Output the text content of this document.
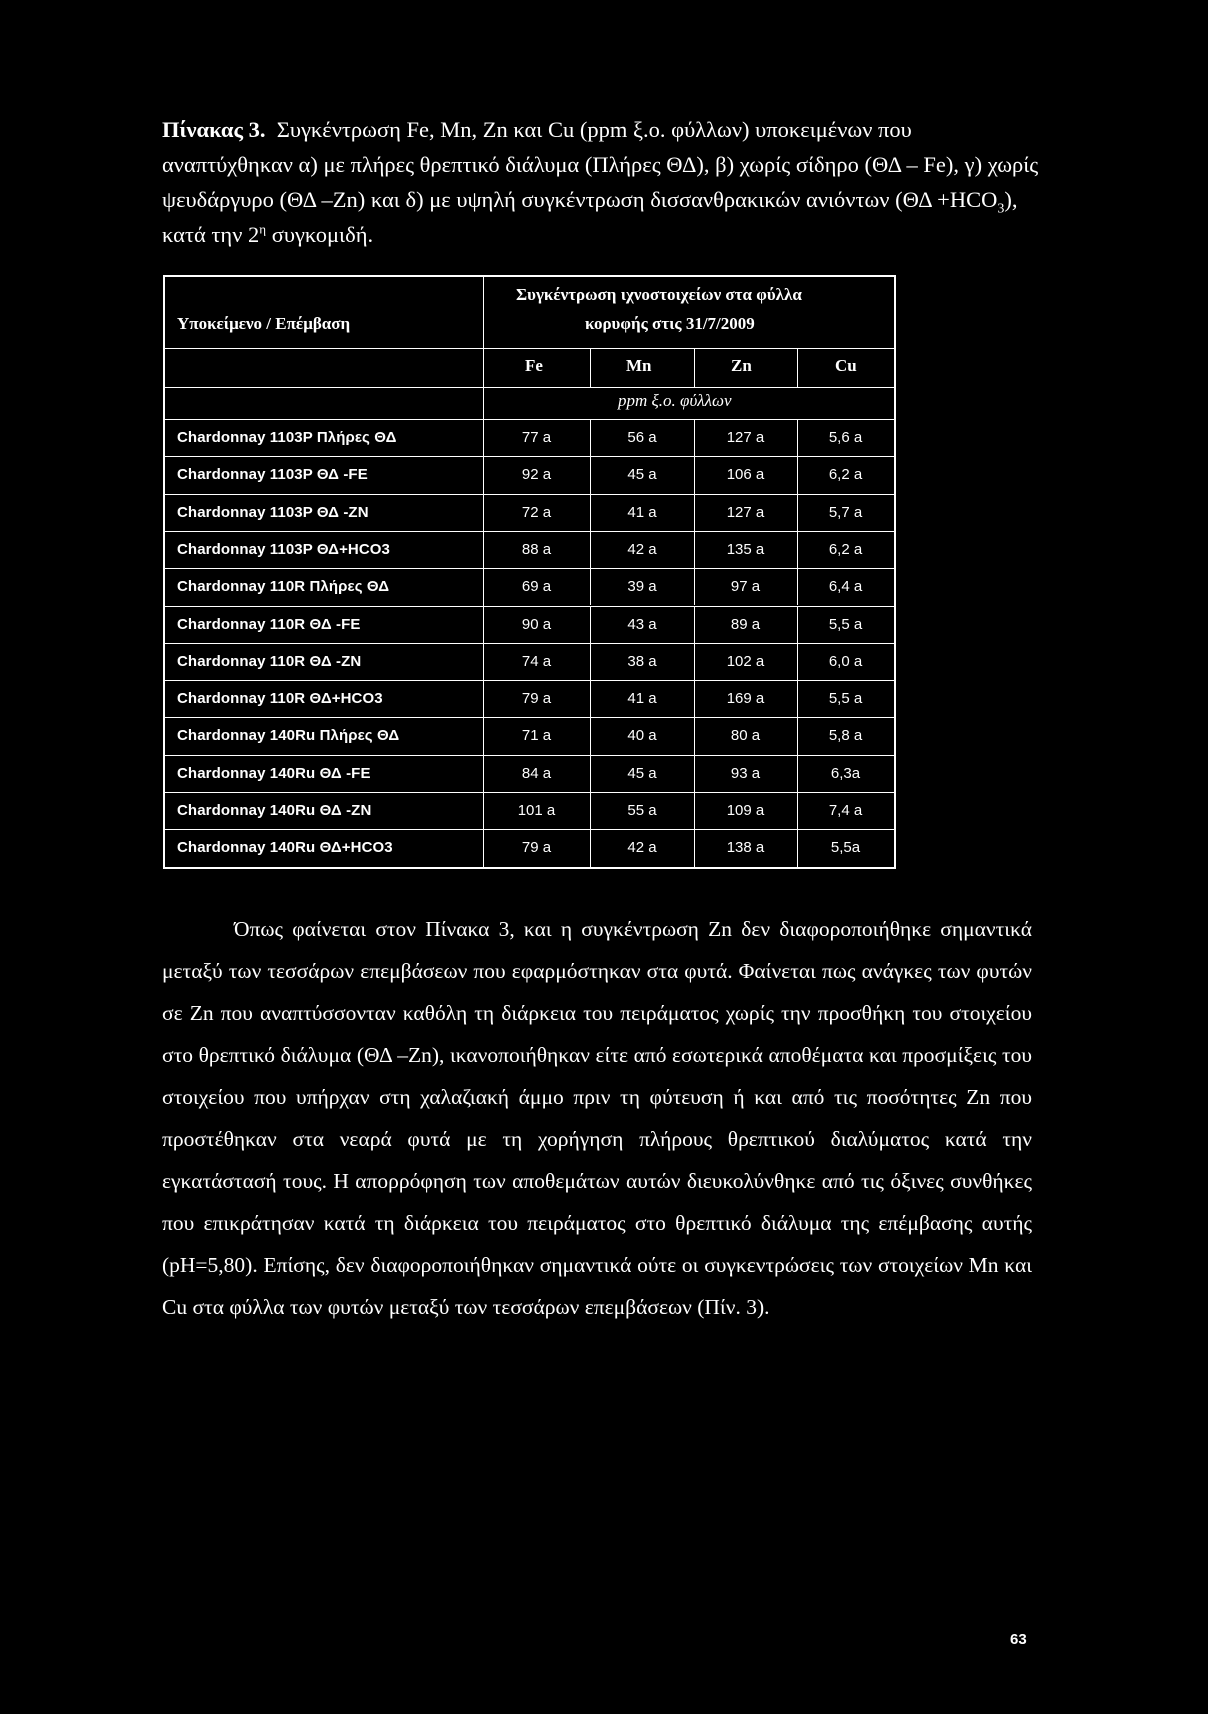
Πίνακας 3. Συγκέντρωση Fe, Mn, Zn και Cu (ppm ξ.ο. φύλλων) υποκειμένων που αναπτύχθηκαν α) με πλήρες θρεπτικό διάλυμα (Πλήρες ΘΔ), β) χωρίς σίδηρο (ΘΔ – Fe), γ) χωρίς ψευδάργυρο (ΘΔ –Zn) και δ) με υψηλή συγκέντρωση δισσανθρακικών ανιόντων $(\Theta\Delta +HCO_3)$, κατά την $2^\eta$ συγκομιδή.
Υποκείμενο / Επέμβαση
Συγκέντρωση ιχνοστοιχείων στα φύλλα
κορυφής στις 31/7/2009
Fe	Mn	Zn	Cu
ppm ξ.ο. φύλλων
Chardonnay 1103P Πλήρες ΘΔ	77 a	56 a	127 a	5,6 a
Chardonnay 1103P ΘΔ -FE	92 a	45 a	106 a	6,2 a
Chardonnay 1103P ΘΔ -ZN	72 a	41 a	127 a	5,7 a
Chardonnay 1103P ΘΔ+HCO3	88 a	42 a	135 a	6,2 a
Chardonnay 110R Πλήρες ΘΔ	69 a	39 a	97 a	6,4 a
Chardonnay 110R ΘΔ -FE	90 a	43 a	89 a	5,5 a
Chardonnay 110R ΘΔ -ZN	74 a	38 a	102 a	6,0 a
Chardonnay 110R ΘΔ+HCO3	79 a	41 a	169 a	5,5 a
Chardonnay 140Ru Πλήρες ΘΔ	71 a	40 a	80 a	5,8 a
Chardonnay 140Ru ΘΔ -FE	84 a	45 a	93 a	6,3a
Chardonnay 140Ru ΘΔ -ZN	101 a	55 a	109 a	7,4 a
Chardonnay 140Ru ΘΔ+HCO3	79 a	42 a	138 a	5,5a

Όπως φαίνεται στον Πίνακα 3, και η συγκέντρωση Zn δεν διαφοροποιήθηκε σημαντικά μεταξύ των τεσσάρων επεμβάσεων που εφαρμόστηκαν στα φυτά. Φαίνεται πως ανάγκες των φυτών σε Zn που αναπτύσσονταν καθόλη τη διάρκεια του πειράματος χωρίς την προσθήκη του στοιχείου στο θρεπτικό διάλυμα (ΘΔ –Zn), ικανοποιήθηκαν είτε από εσωτερικά αποθέματα και προσμίξεις του στοιχείου που υπήρχαν στη χαλαζιακή άμμο πριν τη φύτευση ή και από τις ποσότητες Zn που προστέθηκαν στα νεαρά φυτά με τη χορήγηση πλήρους θρεπτικού διαλύματος κατά την εγκατάστασή τους. Η απορρόφηση των αποθεμάτων αυτών διευκολύνθηκε από τις όξινες συνθήκες που επικράτησαν κατά τη διάρκεια του πειράματος στο θρεπτικό διάλυμα της επέμβασης αυτής (pH=5,80). Επίσης, δεν διαφοροποιήθηκαν σημαντικά ούτε οι συγκεντρώσεις των στοιχείων Mn και Cu στα φύλλα των φυτών μεταξύ των τεσσάρων επεμβάσεων (Πίν. 3).

63
